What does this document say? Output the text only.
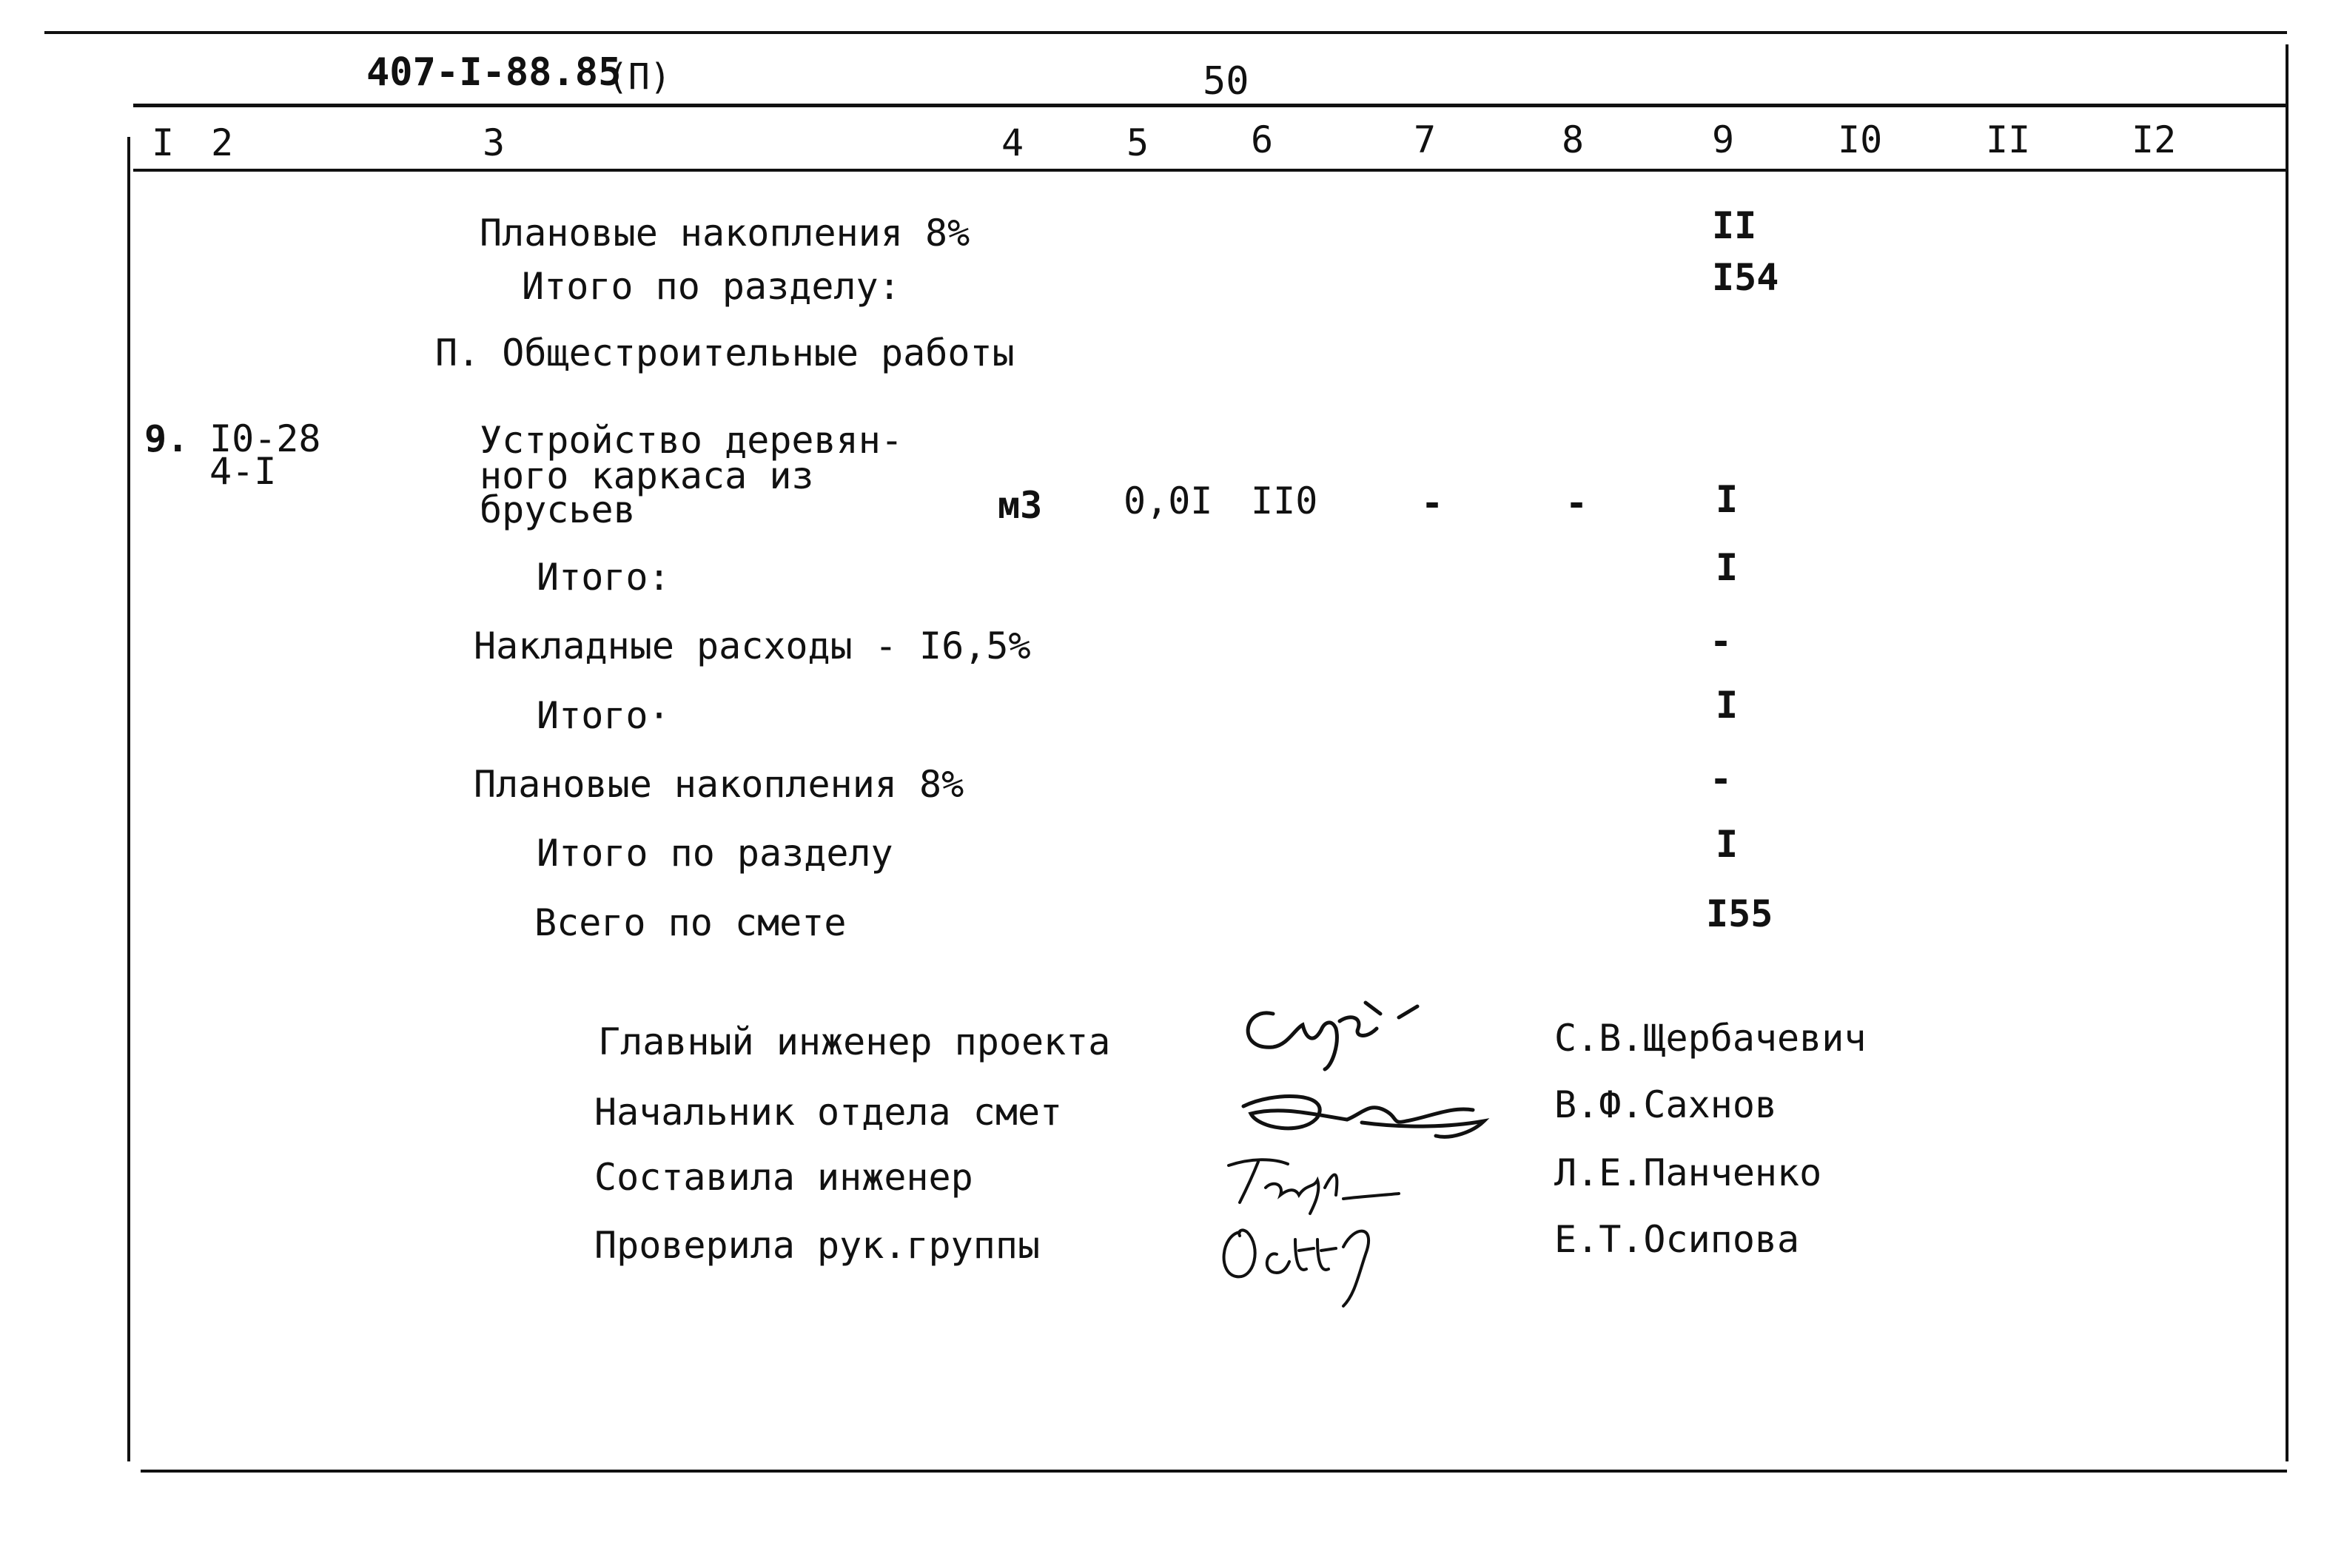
407-I-88.85
(П)	50
I 2	3	4	5	6	7	8	9	I0	II	I2
Плановые накопления 8%	II
Итого по разделу:	I54
П. Общестроительные работы
9. I0-28
4-I
Устройство деревян-
ного каркаса из
брусьев	м3 0,0I II0	-	-	I
Итого:	I
Накладные расходы - I6,5%	-
Итого·	I
Плановые накопления 8%	-
Итого по разделу	I
Всего по смете	I55
Главный инженер проекта	С.В.Щербачевич
Начальник отдела смет	В.Ф.Сахнов
Составила инженер	Л.Е.Панченко
Проверила рук.группы	Е.Т.Осипова
